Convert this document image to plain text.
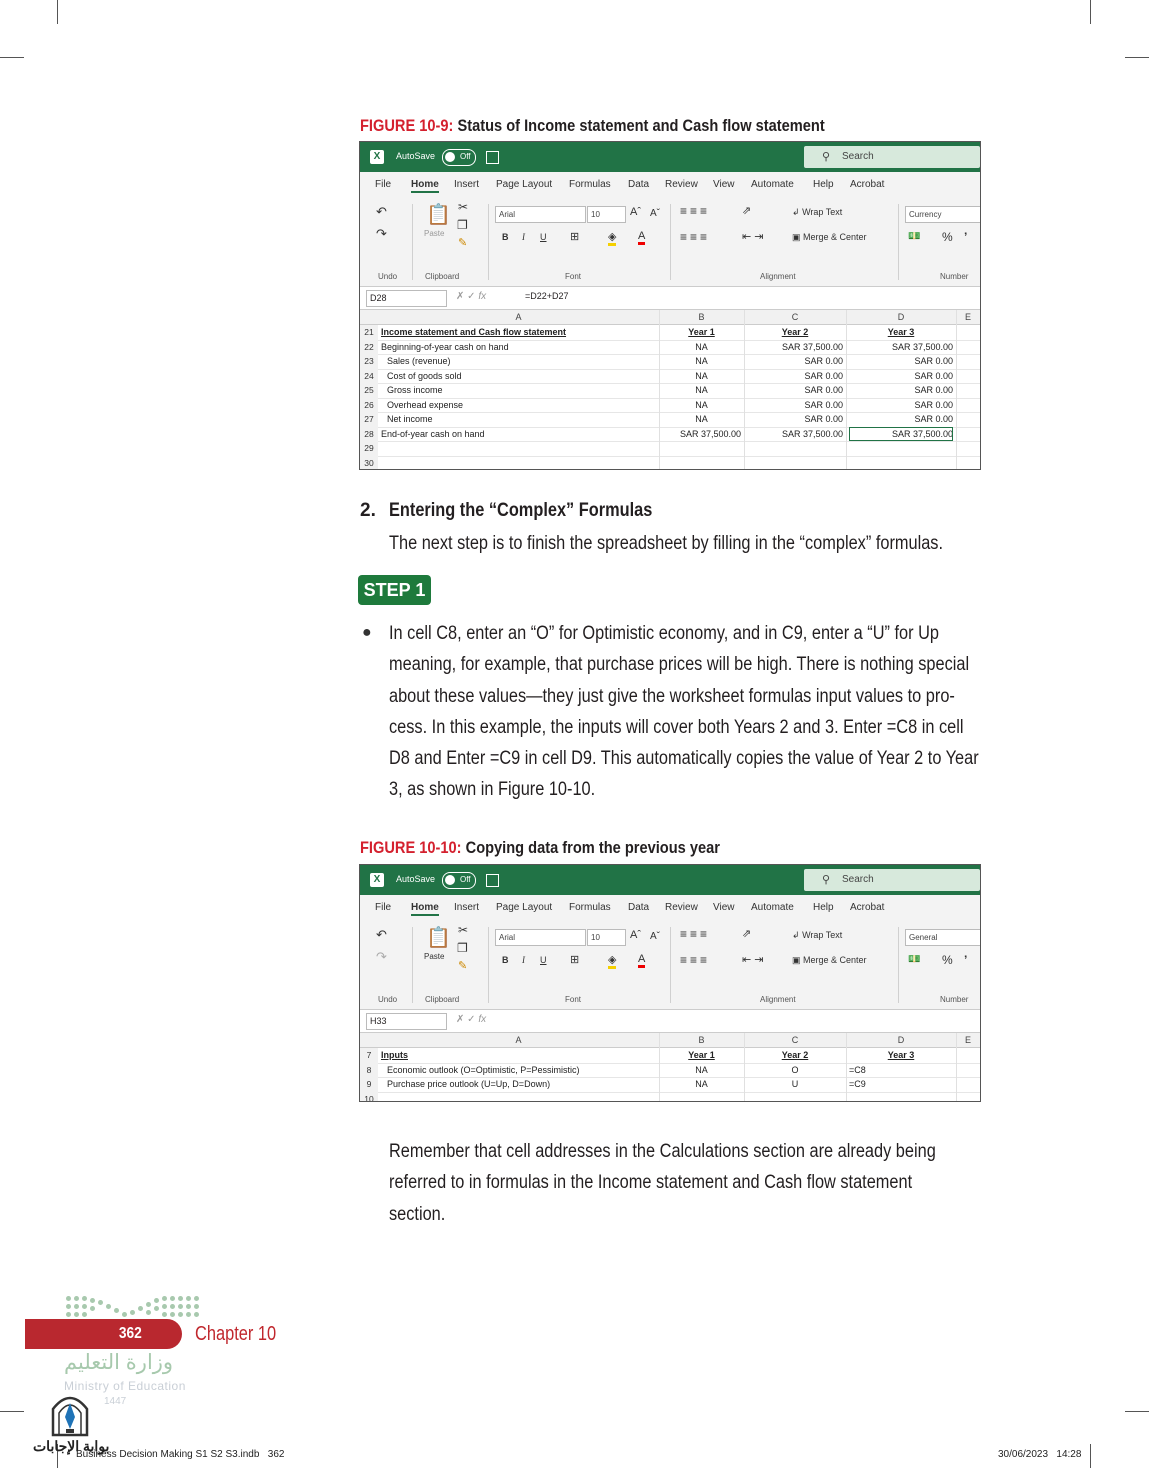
FIGURE 10-9: Status of Income statement and Cash flow statement
X	AutoSave	Off	⚲ Search
File Home Insert Page Layout Formulas Data Review View Automate Help Acrobat
↶
↷
📋
Paste
✂
❐
✎
Arial	10	Aˆ Aˇ
B I U ⊞	◈ A
≡≡≡	⇗
≡≡≡	⇤⇥
↲ Wrap Text
▣ Merge & Center
Currency
💵 % ’
Undo	Clipboard	Font	Alignment	Number
D28	✗ ✓ fx	=D22+D27
A	B	C	D	E
21 Income statement and Cash flow statement	Year 1	Year 2	Year 3
22 Beginning-of-year cash on hand	NA	SAR 37,500.00	SAR 37,500.00
23	Sales (revenue)	NA	SAR 0.00	SAR 0.00
24	Cost of goods sold	NA	SAR 0.00	SAR 0.00
25	Gross income	NA	SAR 0.00	SAR 0.00
26	Overhead expense	NA	SAR 0.00	SAR 0.00
27	Net income	NA	SAR 0.00	SAR 0.00
28 End-of-year cash on hand	SAR 37,500.00	SAR 37,500.00	SAR 37,500.00
29
30
2. Entering the “Complex” Formulas
The next step is to finish the spreadsheet by filling in the “complex” formulas.
STEP 1
● In cell C8, enter an “O” for Optimistic economy, and in C9, enter a “U” for Up
meaning, for example, that purchase prices will be high. There is nothing special
about these values—they just give the worksheet formulas input values to pro-
cess. In this example, the inputs will cover both Years 2 and 3. Enter =C8 in cell
D8 and Enter =C9 in cell D9. This automatically copies the value of Year 2 to Year
3, as shown in Figure 10-10.
FIGURE 10-10: Copying data from the previous year
X	AutoSave	Off	⚲ Search
File Home Insert Page Layout Formulas Data Review View Automate Help Acrobat
↶
↷
📋
Paste
✂
❐
✎
Arial	10	Aˆ Aˇ
B I U ⊞	◈ A
≡≡≡	⇗
≡≡≡	⇤⇥
↲ Wrap Text
▣ Merge & Center
General
💵 % ’
Undo	Clipboard	Font	Alignment	Number
H33	✗ ✓ fx
A	B	C	D	E
7	Inputs	Year 1	Year 2	Year 3
8	Economic outlook (O=Optimistic, P=Pessimistic)	NA	O	=C8
9	Purchase price outlook (U=Up, D=Down)	NA	U	=C9
10
Remember that cell addresses in the Calculations section are already being
referred to in formulas in the Income statement and Cash flow statement
section.
362	Chapter 10
وزارة التعليم
Ministry of Education
1447
بوابة الإجابات
Business Decision Making S1 S2 S3.indb   362	30/06/2023   14:28
